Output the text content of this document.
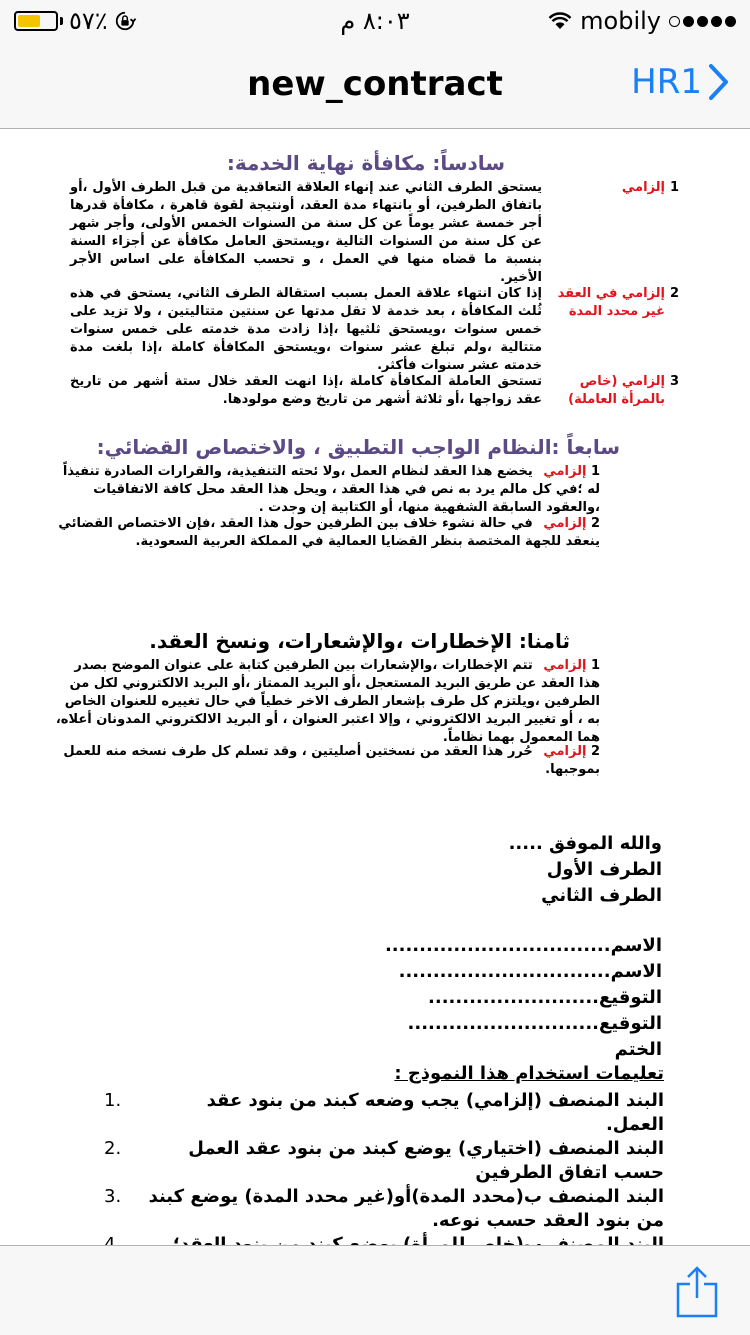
٥٧٪	٨:٠٣ م	mobily
new_contract	HR1
سادساً: مكافأة نهاية الخدمة:
1
إلزامي
يستحق الطرف الثاني عند إنهاء العلاقة التعاقدية من قبل الطرف الأول ،أو باتفاق الطرفين، أو بانتهاء مدة العقد، أونتيجة لقوة قاهرة ، مكافأة قدرها أجر خمسة عشر يوماً عن كل سنة من السنوات الخمس الأولى، وأجر شهر عن كل سنة من السنوات التالية ،ويستحق العامل مكافأة عن أجزاء السنة بنسبة ما قضاه منها في العمل ، و تحسب المكافأة على اساس الأجر الأخير.
2
إلزامي في العقد غير محدد المدة
إذا كان انتهاء علاقة العمل بسبب استقالة الطرف الثاني، يستحق في هذه ثُلث المكافأة ، بعد خدمة لا تقل مدتها عن سنتين متتاليتين ، ولا تزيد على خمس سنوات ،ويستحق ثلثيها ،إذا زادت مدة خدمته على خمس سنوات متتالية ،ولم تبلغ عشر سنوات ،ويستحق المكافأة كاملة ،إذا بلغت مدة خدمته عشر سنوات فأكثر.
3
إلزامي (خاص بالمرأة العاملة)
تستحق العاملة المكافأة كاملة ،إذا انهت العقد خلال ستة أشهر من تاريخ عقد زواجها ،أو ثلاثة أشهر من تاريخ وضع مولودها.
سابعاً :النظام الواجب التطبيق ، والاختصاص القضائي:
1 إلزامي يخضع هذا العقد لنظام العمل ،ولا ئحته التنفيذية، والقرارات الصادرة تنفيذاً له ؛في كل مالم يرد به نص في هذا العقد ، ويحل هذا العقد محل كافة الاتفاقيات ،والعقود السابقة الشفهية منها، أو الكتابية إن وجدت .
2 إلزامي في حالة نشوء خلاف بين الطرفين حول هذا العقد ،فإن الاختصاص القضائي ينعقد للجهة المختصة بنظر القضايا العمالية في المملكة العربية السعودية.
ثامنا: الإخطارات ،والإشعارات، ونسخ العقد.
1 إلزامي تتم الإخطارات ،والإشعارات بين الطرفين كتابة على عنوان الموضح بصدر هذا العقد عن طريق البريد المستعجل ،أو البريد الممتاز ،أو البريد الالكتروني لكل من الطرفين ،ويلتزم كل طرف بإشعار الطرف الاخر خطياً في حال تغييره للعنوان الخاص به ، أو تغيير البريد الالكتروني ، وإلا اعتبر العنوان ، أو البريد الالكتروني المدونان أعلاه، هما المعمول بهما نظاماً.
2 إلزامي حُرر هذا العقد من نسختين أصليتين ، وقد تسلم كل طرف نسخه منه للعمل بموجبها.
والله الموفق .....
الطرف الأول
الطرف الثاني
الاسم.................................
الاسم...............................
التوقيع.........................
التوقيع............................
الختم
تعليمات استخدام هذا النموذج :
1.	البند المنصف (إلزامي) يجب وضعه كبند من بنود عقد العمل.
2.	البند المنصف (اختياري) يوضع كبند من بنود عقد العمل حسب اتفاق الطرفين
3. البند المنصف ب(محدد المدة)أو(غير محدد المدة) يوضع كبند من بنود العقد حسب نوعه.
